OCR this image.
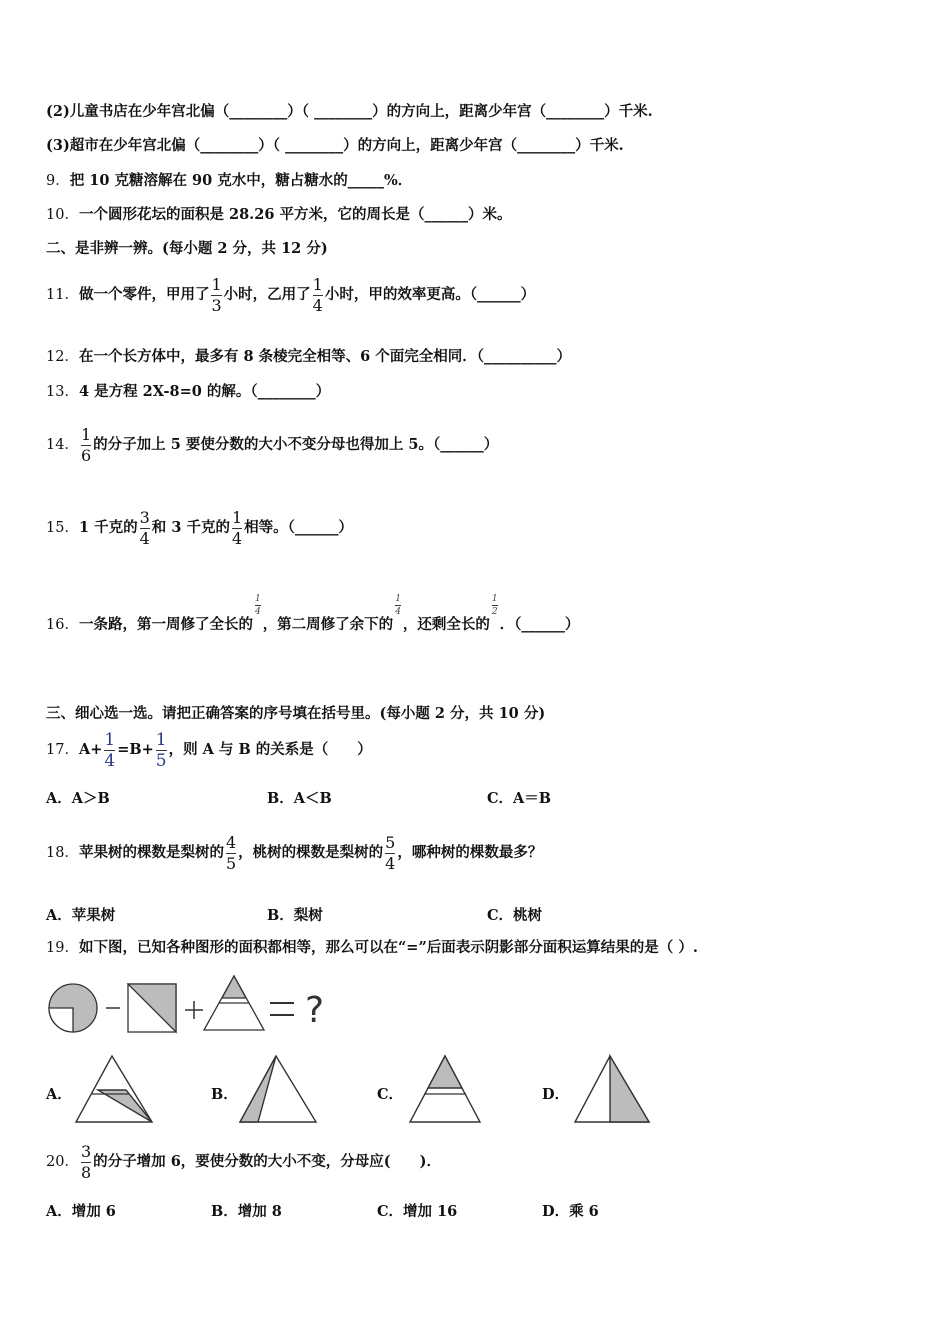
(2)儿童书店在少年宫北偏（________）（ ________）的方向上，距离少年宫（________）千米.
(3)超市在少年宫北偏（________）（ ________）的方向上，距离少年宫（________）千米.
9．把 10 克糖溶解在 90 克水中，糖占糖水的_____%．
10．一个圆形花坛的面积是 28.26 平方米，它的周长是（______）米。
二、是非辨一辨。(每小题 2 分，共 12 分)
11．做一个零件，甲用了 $\frac{1}{3}$ 小时，乙用了 $\frac{1}{4}$ 小时，甲的效率更高。（______）
12．在一个长方体中，最多有 8 条棱完全相等、6 个面完全相同．（__________）
13．4 是方程 2X-8=0 的解。（________）
14． $\frac{1}{6}$ 的分子加上 5 要使分数的大小不变分母也得加上 5。（______）
15．1 千克的 $\frac{3}{4}$ 和 3 千克的 $\frac{1}{4}$ 相等。（______）
16．一条路，第一周修了全长的
$\frac{1}{4}$
，第二周修了余下的
$\frac{1}{4}$
，还剩全长的
$\frac{1}{2}$
．（______）
三、细心选一选。请把正确答案的序号填在括号里。(每小题 2 分，共 10 分)
17．$A+ \frac{1}{4} =B+ \frac{1}{5}$ ，则 A 与 B 的关系是（　　）
A．A＞B	B．A＜B	C．A＝B
18．苹果树的棵数是梨树的 $\frac{4}{5}$ ，桃树的棵数是梨树的 $\frac{5}{4}$ ，哪种树的棵数最多？
A．苹果树	B．梨树	C．桃树
19．如下图，已知各种图形的面积都相等，那么可以在“=”后面表示阴影部分面积运算结果的是（ ）.
?
A．	B．	C．	D．
20． $\frac{3}{8}$ 的分子增加 6，要使分数的大小不变，分母应(　　)．
A．增加 6	B．增加 8	C．增加 16	D．乘 6
